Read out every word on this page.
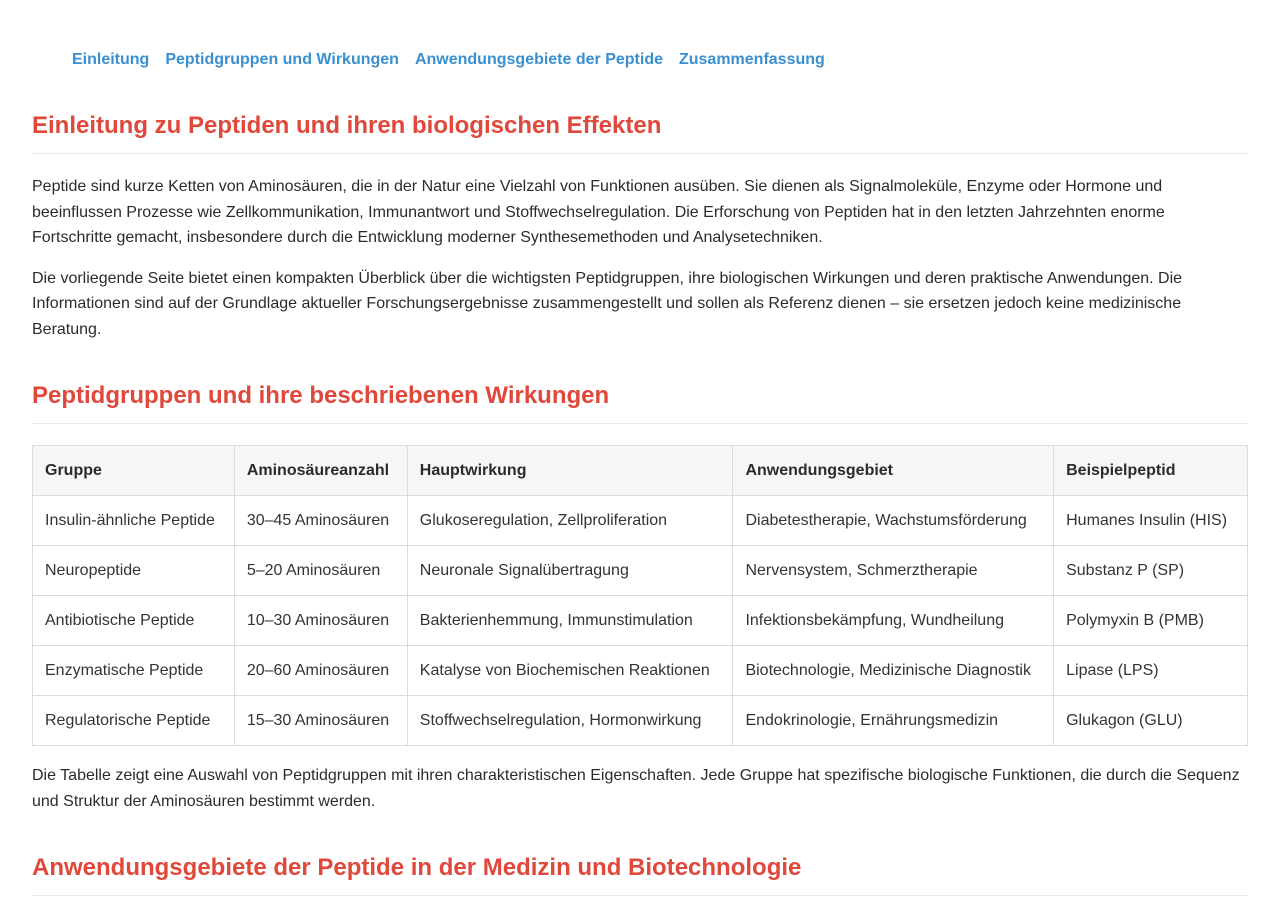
Einleitung Peptidgruppen und Wirkungen Anwendungsgebiete der Peptide Zusammenfassung
Einleitung zu Peptiden und ihren biologischen Effekten

Peptide sind kurze Ketten von Aminosäuren, die in der Natur eine Vielzahl von Funktionen ausüben. Sie dienen als Signalmoleküle, Enzyme oder Hormone und beeinflussen Prozesse wie Zellkommunikation, Immunantwort und Stoffwechselregulation. Die Erforschung von Peptiden hat in den letzten Jahrzehnten enorme Fortschritte gemacht, insbesondere durch die Entwicklung moderner Synthesemethoden und Analysetechniken.

Die vorliegende Seite bietet einen kompakten Überblick über die wichtigsten Peptidgruppen, ihre biologischen Wirkungen und deren praktische Anwendungen. Die Informationen sind auf der Grundlage aktueller Forschungsergebnisse zusammengestellt und sollen als Referenz dienen – sie ersetzen jedoch keine medizinische Beratung.

Peptidgruppen und ihre beschriebenen Wirkungen
Gruppe	Aminosäureanzahl	Hauptwirkung	Anwendungsgebiet	Beispielpeptid
Insulin-ähnliche Peptide	30–45 Aminosäuren	Glukoseregulation, Zellproliferation	Diabetestherapie, Wachstumsförderung	Humanes Insulin (HIS)
Neuropeptide	5–20 Aminosäuren	Neuronale Signalübertragung	Nervensystem, Schmerztherapie	Substanz P (SP)
Antibiotische Peptide	10–30 Aminosäuren	Bakterienhemmung, Immunstimulation	Infektionsbekämpfung, Wundheilung	Polymyxin B (PMB)
Enzymatische Peptide	20–60 Aminosäuren	Katalyse von Biochemischen Reaktionen	Biotechnologie, Medizinische Diagnostik	Lipase (LPS)
Regulatorische Peptide	15–30 Aminosäuren	Stoffwechselregulation, Hormonwirkung	Endokrinologie, Ernährungsmedizin	Glukagon (GLU)

Die Tabelle zeigt eine Auswahl von Peptidgruppen mit ihren charakteristischen Eigenschaften. Jede Gruppe hat spezifische biologische Funktionen, die durch die Sequenz und Struktur der Aminosäuren bestimmt werden.

Anwendungsgebiete der Peptide in der Medizin und Biotechnologie
